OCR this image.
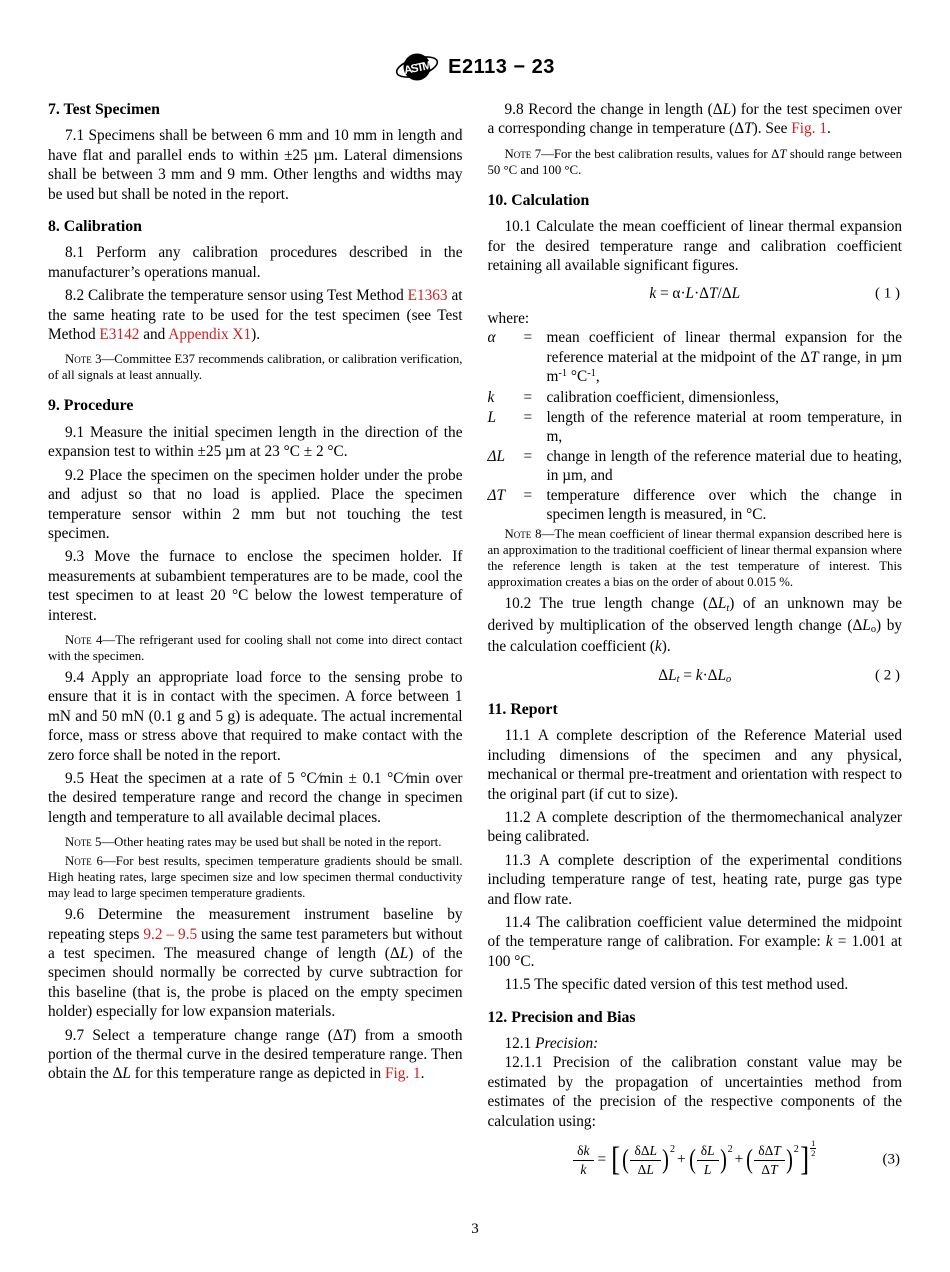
ASTM E2113 − 23
7. Test Specimen

7.1 Specimens shall be between 6 mm and 10 mm in length and have flat and parallel ends to within ±25 µm. Lateral dimensions shall be between 3 mm and 9 mm. Other lengths and widths may be used but shall be noted in the report.

8. Calibration

8.1 Perform any calibration procedures described in the manufacturer’s operations manual.

8.2 Calibrate the temperature sensor using Test Method E1363 at the same heating rate to be used for the test specimen (see Test Method E3142 and Appendix X1).

Note 3—Committee E37 recommends calibration, or calibration verification, of all signals at least annually.

9. Procedure

9.1 Measure the initial specimen length in the direction of the expansion test to within ±25 µm at 23 °C ± 2 °C.

9.2 Place the specimen on the specimen holder under the probe and adjust so that no load is applied. Place the specimen temperature sensor within 2 mm but not touching the test specimen.

9.3 Move the furnace to enclose the specimen holder. If measurements at subambient temperatures are to be made, cool the test specimen to at least 20 °C below the lowest temperature of interest.

Note 4—The refrigerant used for cooling shall not come into direct contact with the specimen.

9.4 Apply an appropriate load force to the sensing probe to ensure that it is in contact with the specimen. A force between 1 mN and 50 mN (0.1 g and 5 g) is adequate. The actual incremental force, mass or stress above that required to make contact with the zero force shall be noted in the report.

9.5 Heat the specimen at a rate of 5 °C⁄min ± 0.1 °C⁄min over the desired temperature range and record the change in specimen length and temperature to all available decimal places.

Note 5—Other heating rates may be used but shall be noted in the report.

Note 6—For best results, specimen temperature gradients should be small. High heating rates, large specimen size and low specimen thermal conductivity may lead to large specimen temperature gradients.

9.6 Determine the measurement instrument baseline by repeating steps 9.2 – 9.5 using the same test parameters but without a test specimen. The measured change of length (ΔL) of the specimen should normally be corrected by curve subtraction for this baseline (that is, the probe is placed on the empty specimen holder) especially for low expansion materials.

9.7 Select a temperature change range (ΔT) from a smooth portion of the thermal curve in the desired temperature range. Then obtain the ΔL for this temperature range as depicted in Fig. 1.

9.8 Record the change in length (ΔL) for the test specimen over a corresponding change in temperature (ΔT). See Fig. 1.

Note 7—For the best calibration results, values for ΔT should range between 50 °C and 100 °C.

10. Calculation

10.1 Calculate the mean coefficient of linear thermal expansion for the desired temperature range and calibration coefficient retaining all available significant figures.

k = α·L·ΔT/ΔL	( 1 )

where:

α	= mean coefficient of linear thermal expansion for the reference material at the midpoint of the ΔT range, in µm $m^{-1}$ $^\circ C^{-1}$,
k	= calibration coefficient, dimensionless,
L	= length of the reference material at room temperature, in m,
ΔL	= change in length of the reference material due to heating, in µm, and
ΔT	= temperature difference over which the change in specimen length is measured, in °C.

Note 8—The mean coefficient of linear thermal expansion described here is an approximation to the traditional coefficient of linear thermal expansion where the reference length is taken at the test temperature of interest. This approximation creates a bias on the order of about 0.015 %.

10.2 The true length change (ΔLt) of an unknown may be derived by multiplication of the observed length change (ΔLo) by the calculation coefficient (k).

ΔLt = k·ΔLo	( 2 )
11. Report

11.1 A complete description of the Reference Material used including dimensions of the specimen and any physical, mechanical or thermal pre-treatment and orientation with respect to the original part (if cut to size).

11.2 A complete description of the thermomechanical analyzer being calibrated.

11.3 A complete description of the experimental conditions including temperature range of test, heating rate, purge gas type and flow rate.

11.4 The calibration coefficient value determined the midpoint of the temperature range of calibration. For example: k = 1.001 at 100 °C.

11.5 The specific dated version of this test method used.

12. Precision and Bias

12.1 Precision:

12.1.1 Precision of the calibration constant value may be estimated by the propagation of uncertainties method from estimates of the precision of the respective components of the calculation using:

$\frac{\delta k}{k}$ = [( $\frac{\text{δΔL}}{\Delta L} )^2+$ ( $\frac{\delta L}{L} )^2+$ ( $\frac{\text{δΔT}}{\Delta T} )^2] \frac{1}{2}$
(3)
3
